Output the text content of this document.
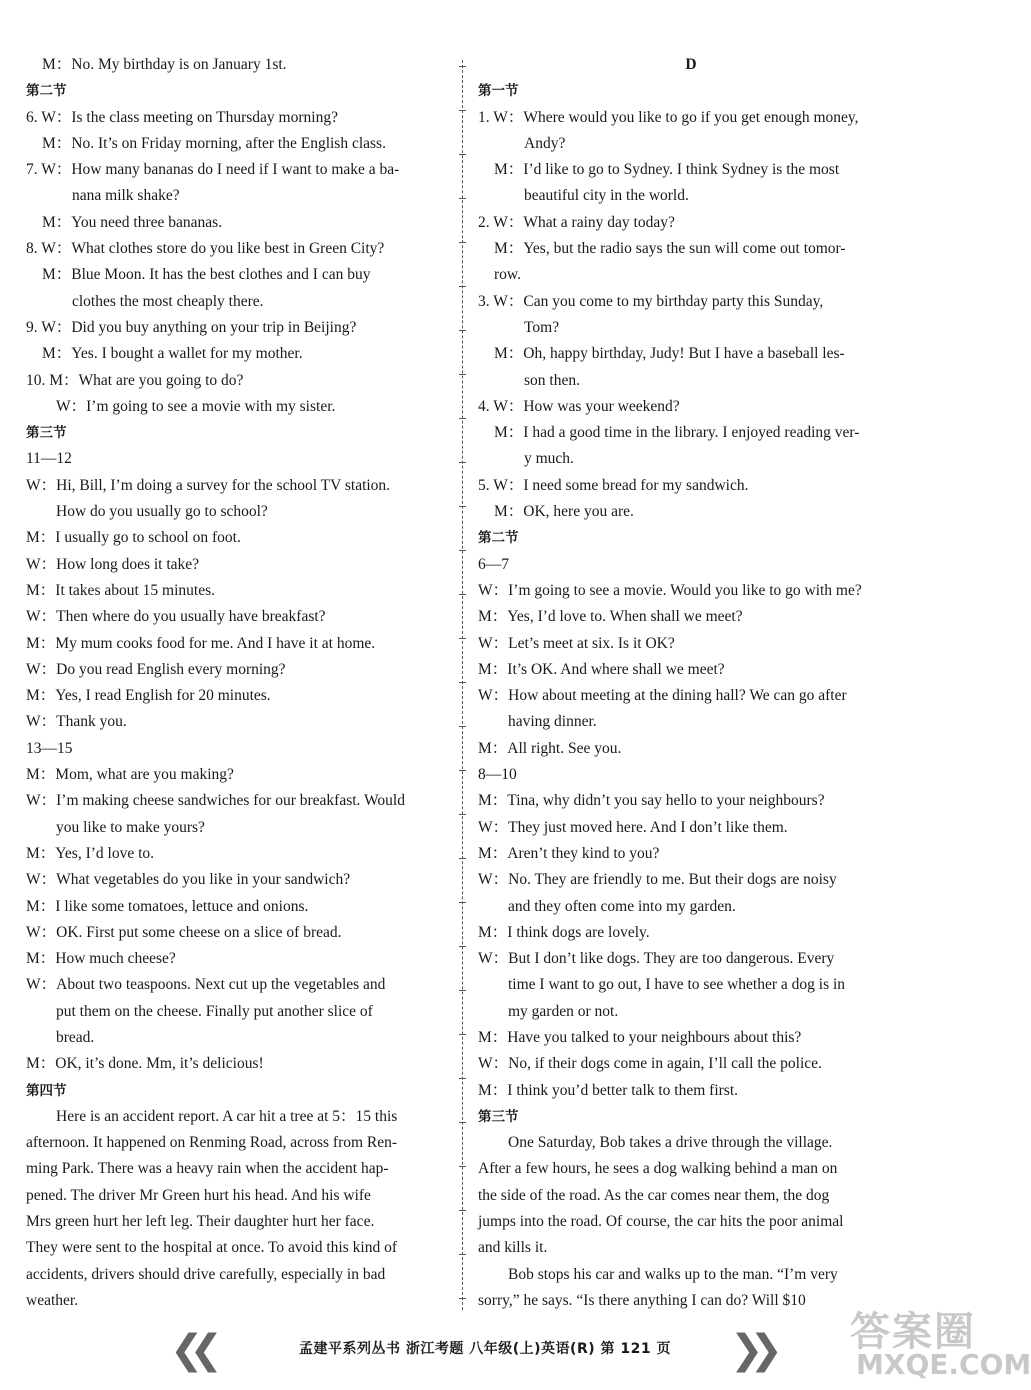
M：No. My birthday is on January 1st.
第二节
6. W：Is the class meeting on Thursday morning?
M：No. It’s on Friday morning, after the English class.
7. W：How many bananas do I need if I want to make a ba-
nana milk shake?
M：You need three bananas.
8. W：What clothes store do you like best in Green City?
M：Blue Moon. It has the best clothes and I can buy
clothes the most cheaply there.
9. W：Did you buy anything on your trip in Beijing?
M：Yes. I bought a wallet for my mother.
10. M：What are you going to do?
W：I’m going to see a movie with my sister.
第三节
11—12
W：Hi, Bill, I’m doing a survey for the school TV station.
How do you usually go to school?
M：I usually go to school on foot.
W：How long does it take?
M：It takes about 15 minutes.
W：Then where do you usually have breakfast?
M：My mum cooks food for me. And I have it at home.
W：Do you read English every morning?
M：Yes, I read English for 20 minutes.
W：Thank you.
13—15
M：Mom, what are you making?
W：I’m making cheese sandwiches for our breakfast. Would
you like to make yours?
M：Yes, I’d love to.
W：What vegetables do you like in your sandwich?
M：I like some tomatoes, lettuce and onions.
W：OK. First put some cheese on a slice of bread.
M：How much cheese?
W：About two teaspoons. Next cut up the vegetables and
put them on the cheese. Finally put another slice of
bread.
M：OK, it’s done. Mm, it’s delicious!
第四节
Here is an accident report. A car hit a tree at 5：15 this
afternoon. It happened on Renming Road, across from Ren-
ming Park. There was a heavy rain when the accident hap-
pened. The driver Mr Green hurt his head. And his wife
Mrs green hurt her left leg. Their daughter hurt her face.
They were sent to the hospital at once. To avoid this kind of
accidents, drivers should drive carefully, especially in bad
weather.
D
第一节
1. W：Where would you like to go if you get enough money,
Andy?
M：I’d like to go to Sydney. I think Sydney is the most
beautiful city in the world.
2. W：What a rainy day today?
M：Yes, but the radio says the sun will come out tomor-
row.
3. W：Can you come to my birthday party this Sunday,
Tom?
M：Oh, happy birthday, Judy! But I have a baseball les-
son then.
4. W：How was your weekend?
M：I had a good time in the library. I enjoyed reading ver-
y much.
5. W：I need some bread for my sandwich.
M：OK, here you are.
第二节
6—7
W：I’m going to see a movie. Would you like to go with me?
M：Yes, I’d love to. When shall we meet?
W：Let’s meet at six. Is it OK?
M：It’s OK. And where shall we meet?
W：How about meeting at the dining hall? We can go after
having dinner.
M：All right. See you.
8—10
M：Tina, why didn’t you say hello to your neighbours?
W：They just moved here. And I don’t like them.
M：Aren’t they kind to you?
W：No. They are friendly to me. But their dogs are noisy
and they often come into my garden.
M：I think dogs are lovely.
W：But I don’t like dogs. They are too dangerous. Every
time I want to go out, I have to see whether a dog is in
my garden or not.
M：Have you talked to your neighbours about this?
W：No, if their dogs come in again, I’ll call the police.
M：I think you’d better talk to them first.
第三节
One Saturday, Bob takes a drive through the village.
After a few hours, he sees a dog walking behind a man on
the side of the road. As the car comes near them, the dog
jumps into the road. Of course, the car hits the poor animal
and kills it.
Bob stops his car and walks up to the man. “I’m very
sorry,” he says. “Is there anything I can do? Will $10
❮❮	孟建平系列丛书 浙江考题 八年级(上)英语(R) 第 121 页	❯❯ 答案圈
MXQE.COM
